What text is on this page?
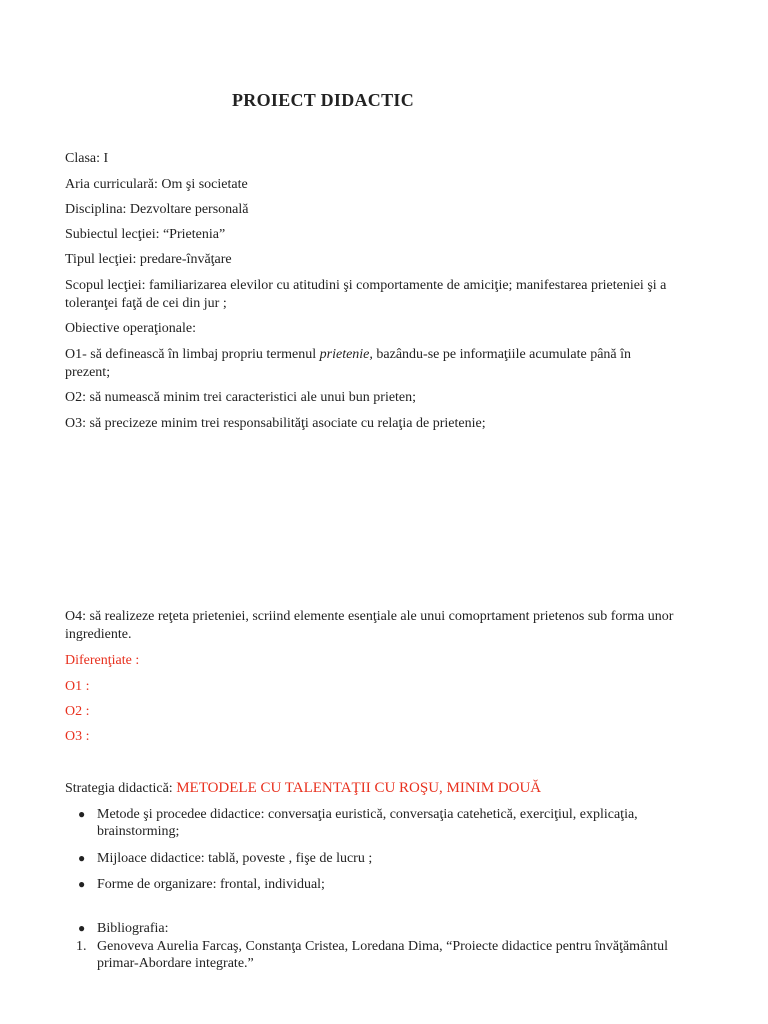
PROIECT DIDACTIC
Clasa: I
Aria curriculară: Om şi societate
Disciplina: Dezvoltare personală
Subiectul lecţiei: “Prietenia”
Tipul lecţiei: predare-învăţare
Scopul lecţiei: familiarizarea elevilor cu atitudini şi comportamente de amiciţie; manifestarea prieteniei şi a
toleranţei faţă de cei din jur ;
Obiective operaţionale:
O1- să definească în limbaj propriu termenul prietenie, bazându-se pe informaţiile acumulate până în
prezent;
O2: să numească minim trei caracteristici ale unui bun prieten;
O3: să precizeze minim trei responsabilităţi asociate cu relaţia de prietenie;
O4: să realizeze reţeta prieteniei, scriind elemente esenţiale ale unui comoprtament prietenos sub forma unor
ingrediente.
Diferenţiate :
O1 :
O2 :
O3 :
Strategia didactică: METODELE CU TALENTAŢII CU ROŞU, MINIM DOUĂ
● Metode şi procedee didactice: conversaţia euristică, conversaţia catehetică, exerciţiul, explicaţia,
brainstorming;
● Mijloace didactice: tablă, poveste , fişe de lucru ;
● Forme de organizare: frontal, individual;
● Bibliografia:
1. Genoveva Aurelia Farcaş, Constanţa Cristea, Loredana Dima, “Proiecte didactice pentru învăţământul
primar-Abordare integrate.”
